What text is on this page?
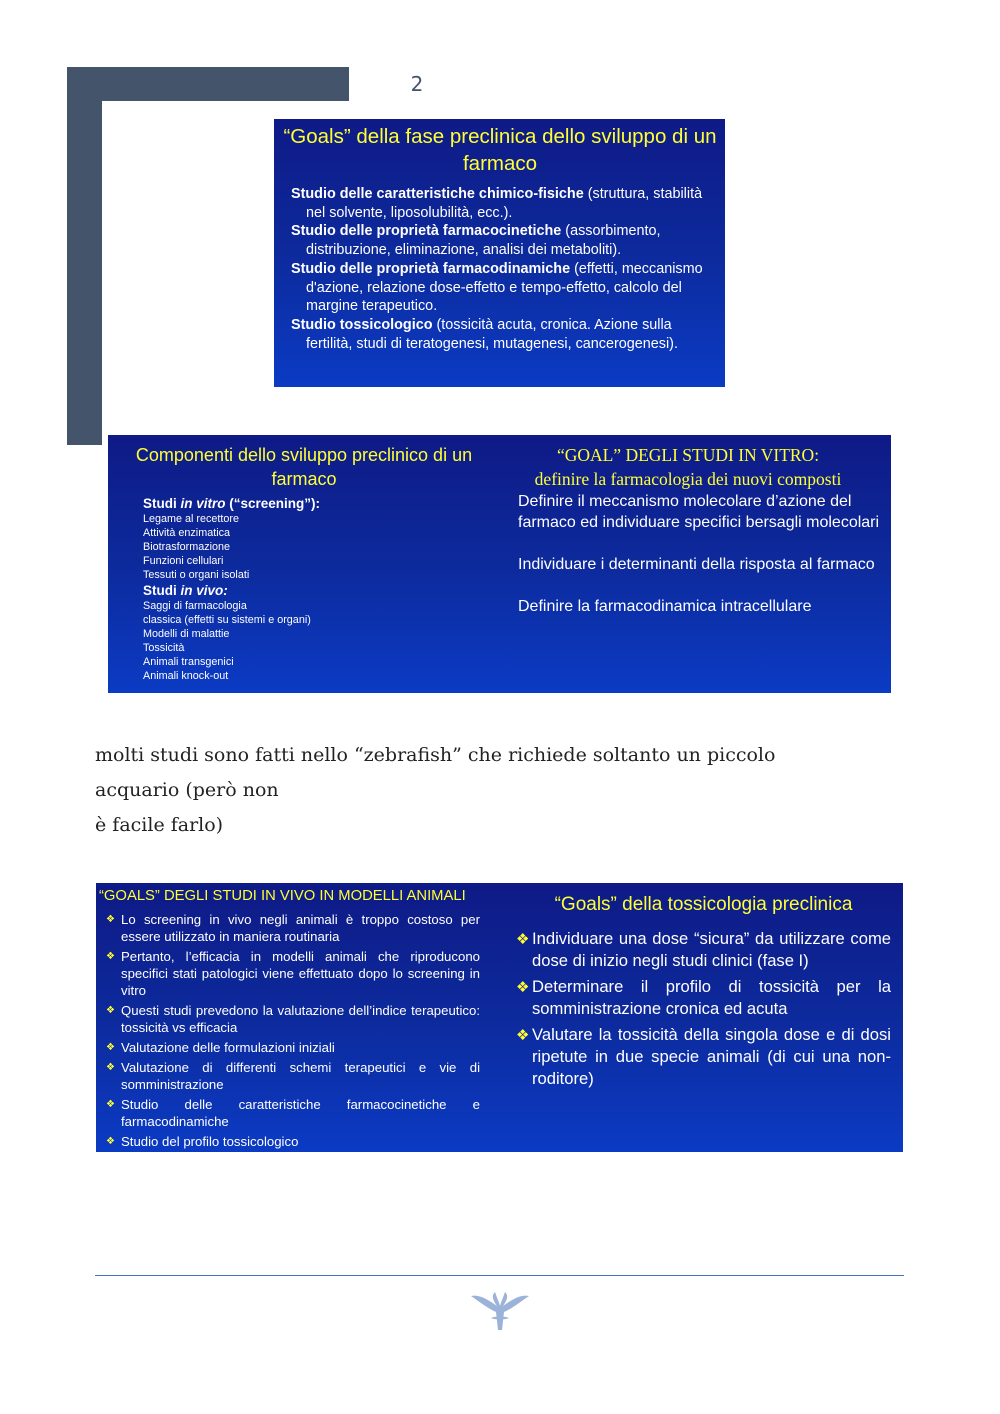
2
“Goals” della fase preclinica dello sviluppo di un farmaco
Studio delle caratteristiche chimico-fisiche (struttura, stabilità nel solvente, liposolubilità, ecc.).
Studio delle proprietà farmacocinetiche (assorbimento, distribuzione, eliminazione, analisi dei metaboliti).
Studio delle proprietà farmacodinamiche (effetti, meccanismo d'azione, relazione dose-effetto e tempo-effetto, calcolo del margine terapeutico.
Studio tossicologico (tossicità acuta, cronica. Azione sulla fertilità, studi di teratogenesi, mutagenesi, cancerogenesi).
Componenti dello sviluppo preclinico di un farmaco
Studi in vitro (“screening”):
Legame al recettore
Attività enzimatica
Biotrasformazione
Funzioni cellulari
Tessuti o organi isolati
Studi in vivo:
Saggi di farmacologia
classica (effetti su sistemi e organi)
Modelli di malattie
Tossicità
Animali transgenici
Animali knock-out
“GOAL” DEGLI STUDI IN VITRO:
definire la farmacologia dei nuovi composti
Definire il meccanismo molecolare d’azione del farmaco ed individuare specifici bersagli molecolari
Individuare i determinanti della risposta al farmaco
Definire la farmacodinamica intracellulare
molti studi sono fatti nello “zebrafish” che richiede soltanto un piccolo
acquario (però non
è facile farlo)
“GOALS” DEGLI STUDI IN VIVO IN MODELLI ANIMALI
❖ Lo screening in vivo negli animali è troppo costoso per essere utilizzato in maniera routinaria
❖ Pertanto, l’efficacia in modelli animali che riproducono specifici stati patologici viene effettuato dopo lo screening in vitro
❖ Questi studi prevedono la valutazione dell’indice terapeutico: tossicità vs efficacia
❖ Valutazione delle formulazioni iniziali
❖ Valutazione di differenti schemi terapeutici e vie di somministrazione
❖ Studio delle caratteristiche farmacocinetiche e farmacodinamiche
❖ Studio del profilo tossicologico
“Goals” della tossicologia preclinica
❖ Individuare una dose “sicura” da utilizzare come dose di inizio negli studi clinici (fase I)
❖ Determinare il profilo di tossicità per la somministrazione cronica ed acuta
❖ Valutare la tossicità della singola dose e di dosi ripetute in due specie animali (di cui una non-roditore)
